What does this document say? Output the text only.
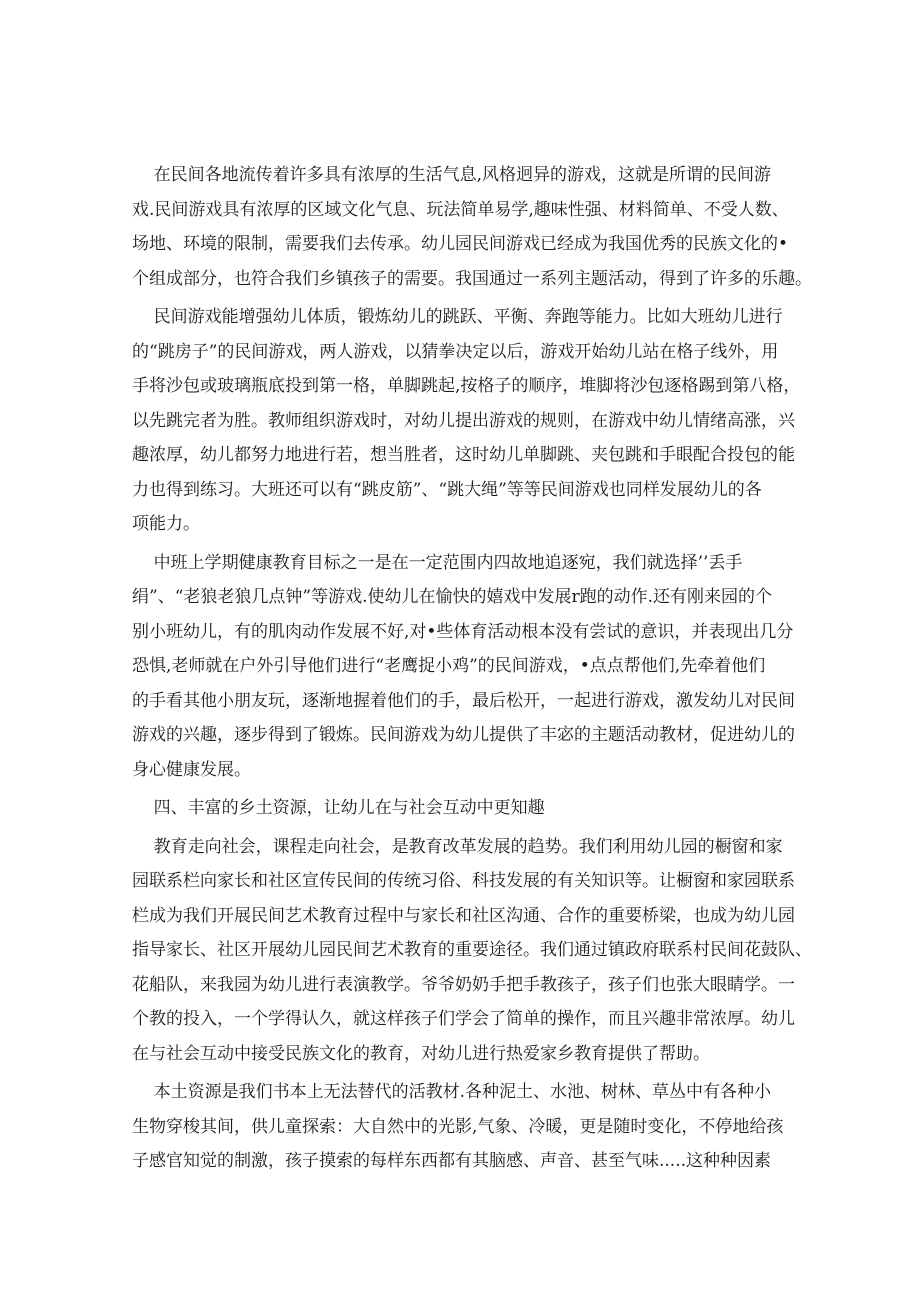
在民间各地流传着许多具有浓厚的生活气息,风格迥异的游戏，这就是所谓的民间游
戏.民间游戏具有浓厚的区域文化气息、玩法简单易学,趣味性强、材料简单、不受人数、
场地、环境的限制，需要我们去传承。幼儿园民间游戏已经成为我国优秀的民族文化的•
个组成部分，也符合我们乡镇孩子的需要。我国通过一系列主题活动，得到了许多的乐趣。
民间游戏能增强幼儿体质，锻炼幼儿的跳跃、平衡、奔跑等能力。比如大班幼儿进行
的“跳房子”的民间游戏，两人游戏，以猜拳决定以后，游戏开始幼儿站在格子线外，用
手将沙包或玻璃瓶底投到第一格，单脚跳起,按格子的顺序，堆脚将沙包逐格踢到第八格，
以先跳完者为胜。教师组织游戏时，对幼儿提出游戏的规则，在游戏中幼儿情绪高涨，兴
趣浓厚，幼儿都努力地进行若，想当胜者，这时幼儿单脚跳、夹包跳和手眼配合投包的能
力也得到练习。大班还可以有“跳皮筋”、“跳大绳”等等民间游戏也同样发展幼儿的各
项能力。
中班上学期健康教育目标之一是在一定范围内四故地追逐宛，我们就选择’’丢手
绢”、“老狼老狼几点钟”等游戏.使幼儿在愉快的嬉戏中发展r跑的动作.还有刚来园的个
别小班幼儿，有的肌肉动作发展不好,对•些体育活动根本没有尝试的意识，并表现出几分
恐惧,老师就在户外引导他们进行“老鹰捉小鸡”的民间游戏，•点点帮他们,先牵着他们
的手看其他小朋友玩，逐渐地握着他们的手，最后松开，一起进行游戏，激发幼儿对民间
游戏的兴趣，逐步得到了锻炼。民间游戏为幼儿提供了丰宓的主题活动教材，促进幼儿的
身心健康发展。
四、丰富的乡土资源，让幼儿在与社会互动中更知趣
教育走向社会，课程走向社会，是教育改革发展的趋势。我们利用幼儿园的橱窗和家
园联系栏向家长和社区宣传民间的传统习俗、科技发展的有关知识等。让橱窗和家园联系
栏成为我们开展民间艺术教育过程中与家长和社区沟通、合作的重要桥梁，也成为幼儿园
指导家长、社区开展幼儿园民间艺术教育的重要途径。我们通过镇政府联系村民间花鼓队、
花船队，来我园为幼儿进行表演教学。爷爷奶奶手把手教孩子，孩子们也张大眼睛学。一
个教的投入，一个学得认久，就这样孩子们学会了简单的操作，而且兴趣非常浓厚。幼儿
在与社会互动中接受民族文化的教育，对幼儿进行热爱家乡教育提供了帮助。
本土资源是我们书本上无法替代的活教材.各种泥土、水池、树林、草丛中有各种小
生物穿梭其间，供儿童探索：大自然中的光影,气象、冷暖，更是随时变化，不停地给孩
子感官知觉的制激，孩子摸索的每样东西都有其脑感、声音、甚至气味.....这种种因素
